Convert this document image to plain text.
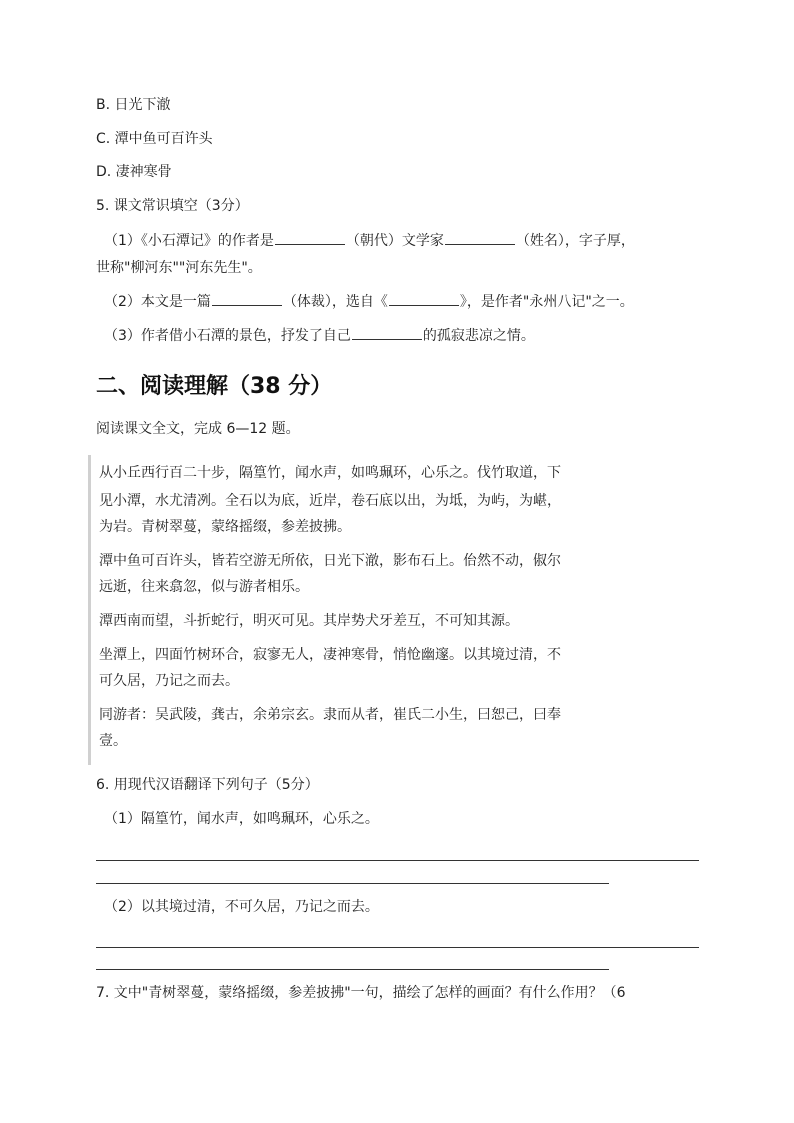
B. 日光下澈
C. 潭中鱼可百许头
D. 凄神寒骨
5. 课文常识填空（3分）
（1）《小石潭记》的作者是	（朝代）文学家	（姓名），字子厚，
世称"柳河东""河东先生"。
（2）本文是一篇	（体裁），选自《	》，是作者"永州八记"之一。
（3）作者借小石潭的景色，抒发了自己	的孤寂悲凉之情。
二、阅读理解（38 分）
阅读课文全文，完成 6—12 题。
从小丘西行百二十步，隔篁竹，闻水声，如鸣珮环，心乐之。伐竹取道，下
见小潭，水尤清冽。全石以为底，近岸，卷石底以出，为坻，为屿，为嵁，
为岩。青树翠蔓，蒙络摇缀，参差披拂。
潭中鱼可百许头，皆若空游无所依，日光下澈，影布石上。佁然不动，俶尔
远逝，往来翕忽，似与游者相乐。
潭西南而望，斗折蛇行，明灭可见。其岸势犬牙差互，不可知其源。
坐潭上，四面竹树环合，寂寥无人，凄神寒骨，悄怆幽邃。以其境过清，不
可久居，乃记之而去。
同游者：吴武陵，龚古，余弟宗玄。隶而从者，崔氏二小生，曰恕己，曰奉
壹。
6. 用现代汉语翻译下列句子（5分）
（1）隔篁竹，闻水声，如鸣珮环，心乐之。
（2）以其境过清，不可久居，乃记之而去。
7. 文中"青树翠蔓，蒙络摇缀，参差披拂"一句，描绘了怎样的画面？有什么作用？（6
